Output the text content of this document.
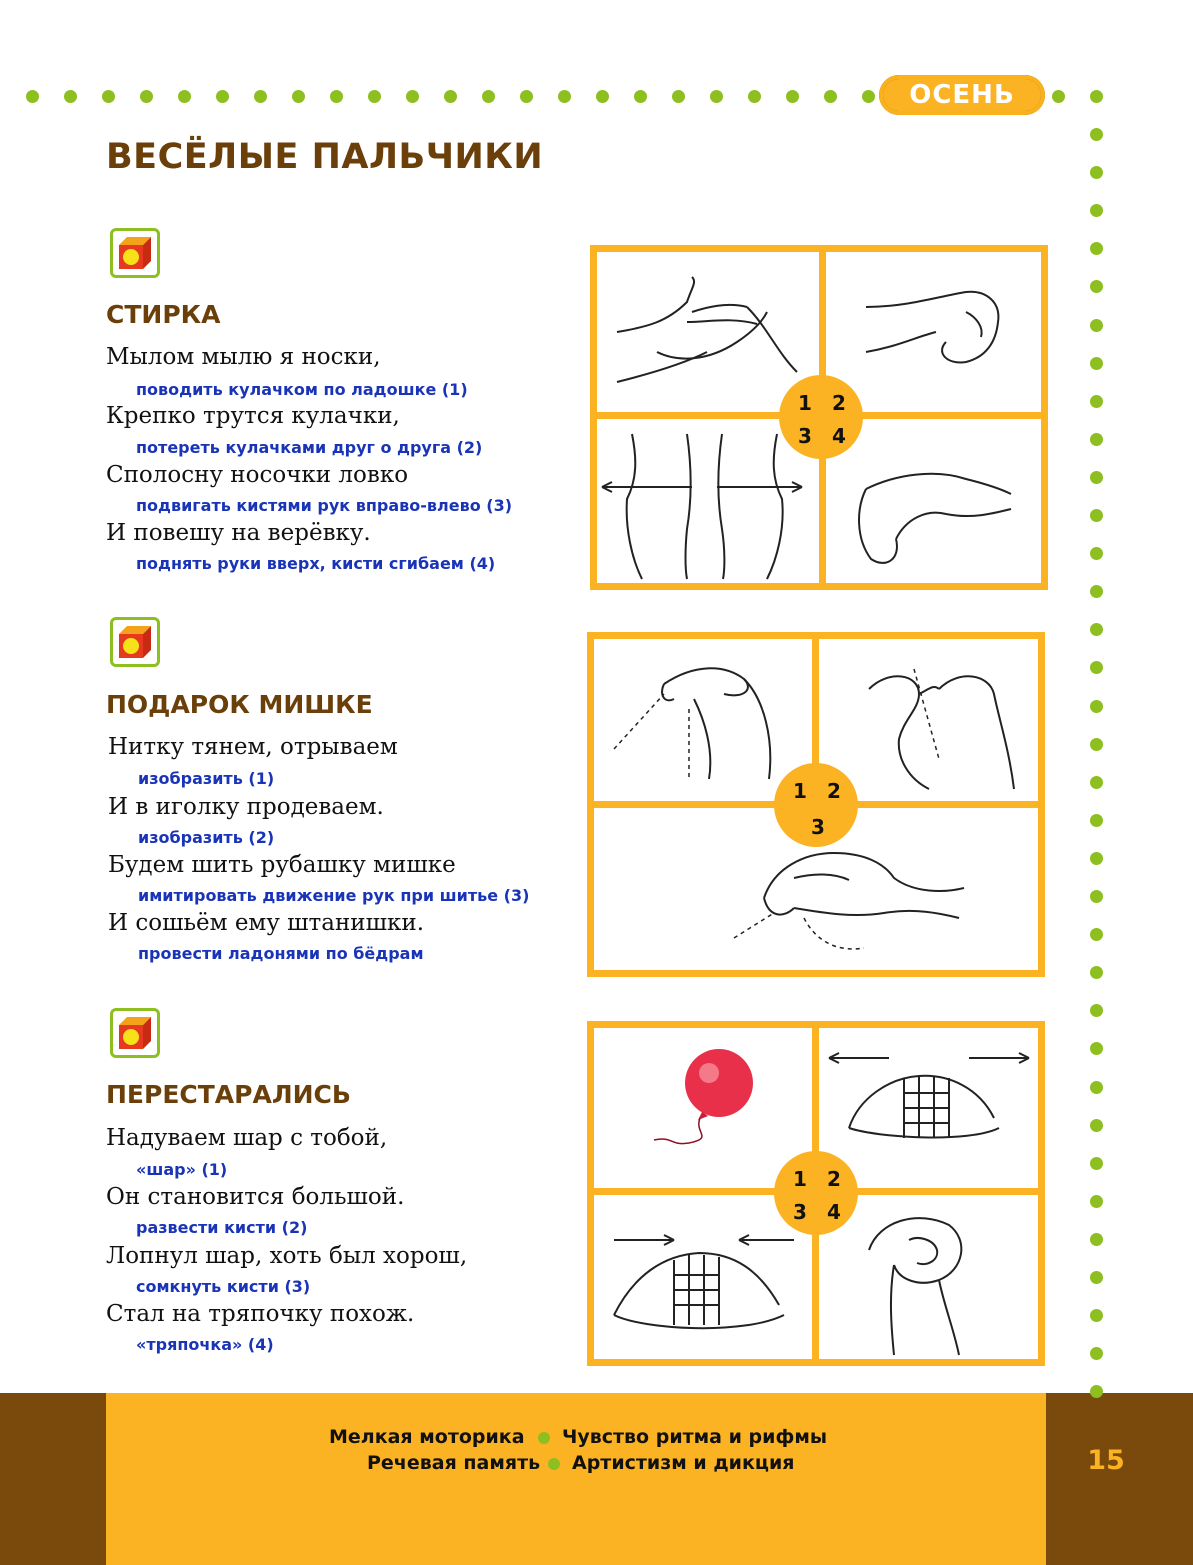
ОСЕНЬ
ВЕСЁЛЫЕ ПАЛЬЧИКИ
СТИРКА
Мылом мылю я носки,
поводить кулачком по ладошке (1)
Крепко трутся кулачки,
потереть кулачками друг о друга (2)
Сполосну носочки ловко
подвигать кистями рук вправо-влево (3)
И повешу на верёвку.
поднять руки вверх, кисти сгибаем (4)
1 2
3 4
ПОДАРОК МИШКЕ
Нитку тянем, отрываем
изобразить (1)
И в иголку продеваем.
изобразить (2)
Будем шить рубашку мишке
имитировать движение рук при шитье (3)
И сошьём ему штанишки.
провести ладонями по бёдрам
1 2
3
ПЕРЕСТАРАЛИСЬ
Надуваем шар с тобой,
«шар» (1)
Он становится большой.
развести кисти (2)
Лопнул шар, хоть был хорош,
сомкнуть кисти (3)
Стал на тряпочку похож.
«тряпочка» (4)
1 2
3 4
15
Мелкая моторика Чувство ритма и рифмы
Речевая память Артистизм и дикция
